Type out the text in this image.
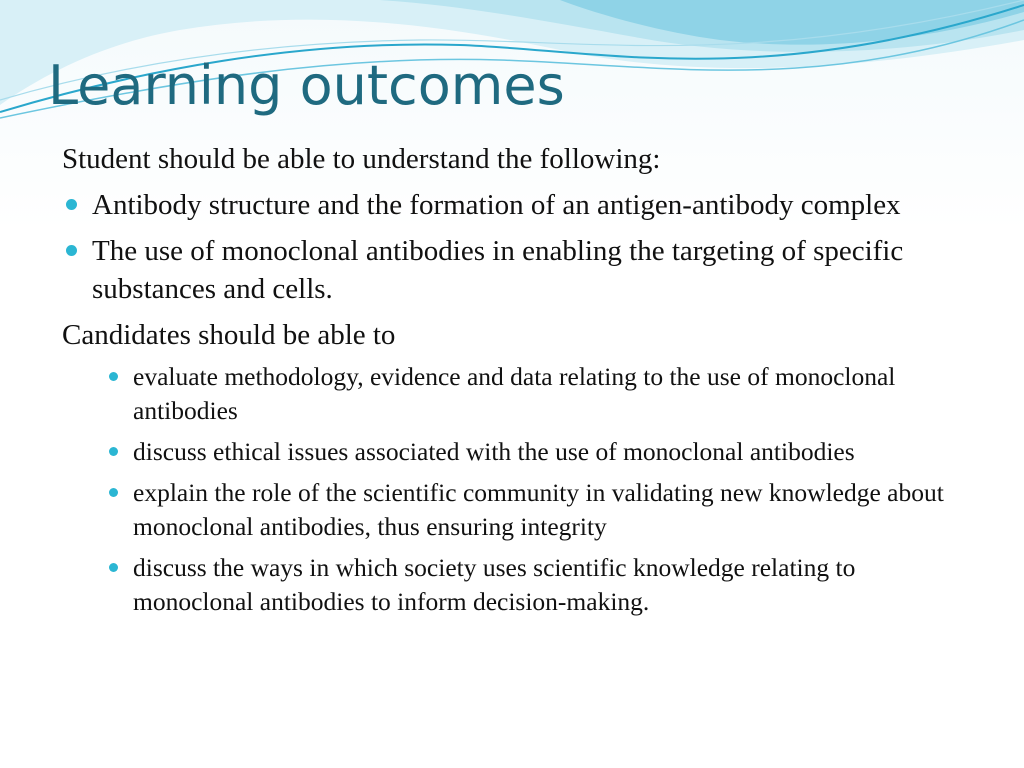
Learning outcomes

Student should be able to understand the following:

Antibody structure and the formation of an antigen-antibody complex
The use of monoclonal antibodies in enabling the targeting of specific substances and cells.

Candidates should be able to

evaluate methodology, evidence and data relating to the use of monoclonal antibodies
discuss ethical issues associated with the use of monoclonal antibodies
explain the role of the scientific community in validating new knowledge about monoclonal antibodies, thus ensuring integrity
discuss the ways in which society uses scientific knowledge relating to monoclonal antibodies to inform decision-making.
